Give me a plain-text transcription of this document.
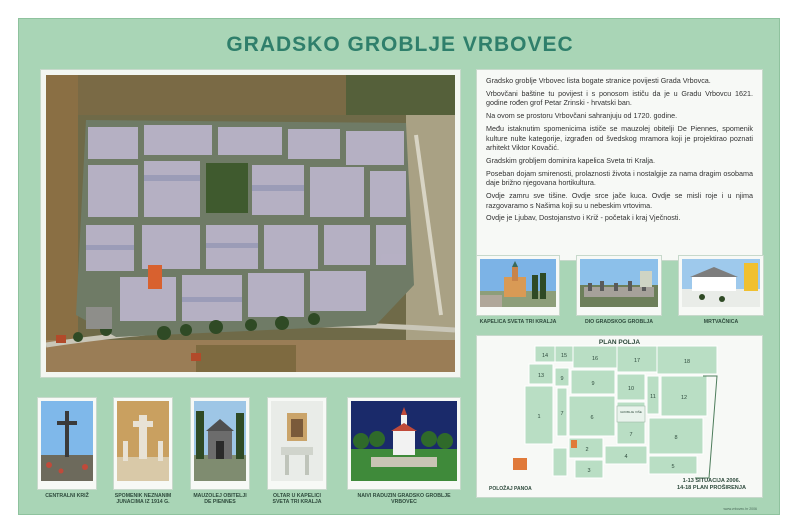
GRADSKO GROBLJE VRBOVEC

Gradsko groblje Vrbovec lista bogate stranice povijesti Grada Vrbovca.

Vrbovčani baštine tu povijest i s ponosom ističu da je u Gradu Vrbovcu 1621. godine rođen grof Petar Zrinski - hrvatski ban.

Na ovom se prostoru Vrbovčani sahranjuju od 1720. godine.

Među istaknutim spomenicima ističe se mauzolej obitelji De Piennes, spomenik kulture nulte kategorije, izgrađen od švedskog mramora koji je projektirao poznati arhitekt Viktor Kovačić.

Gradskim grobljem dominira kapelica Sveta tri Kralja.

Poseban dojam smirenosti, prolaznosti života i nostalgije za nama dragim osobama daje brižno njegovana hortikultura.

Ovdje zamru sve tišine. Ovdje srce jače kuca. Ovdje se misli roje i u njima razgovaramo s Našima koji su u nebeskim vrtovima.

Ovdje je Ljubav, Dostojanstvo i Križ - početak i kraj Vječnosti.

KAPELICA SVETA TRI KRALJA	DIO GRADSKOG GROBLJA	MRTVAČNICA
PLAN POLJA
GROBLJE VIŠE
14 15	16	17	18
13	9
9
10
11	12
1	7
6
7	8
2
4
5
3
POLOŽAJ PANOA
1-13 SITUACIJA 2006.
14-18 PLAN PROŠIRENJA
CENTRALNI KRIŽ	SPOMENIK NEZNANIM JUNACIMA IZ 1914 G.
MAUZOLEJ OBITELJI DE PIENNES
OLTAR U KAPELICI SVETA TRI KRALJA
NAIVI RADUZIN GRADSKO GROBLJE VRBOVEC
www.vrbovec.hr 2006
